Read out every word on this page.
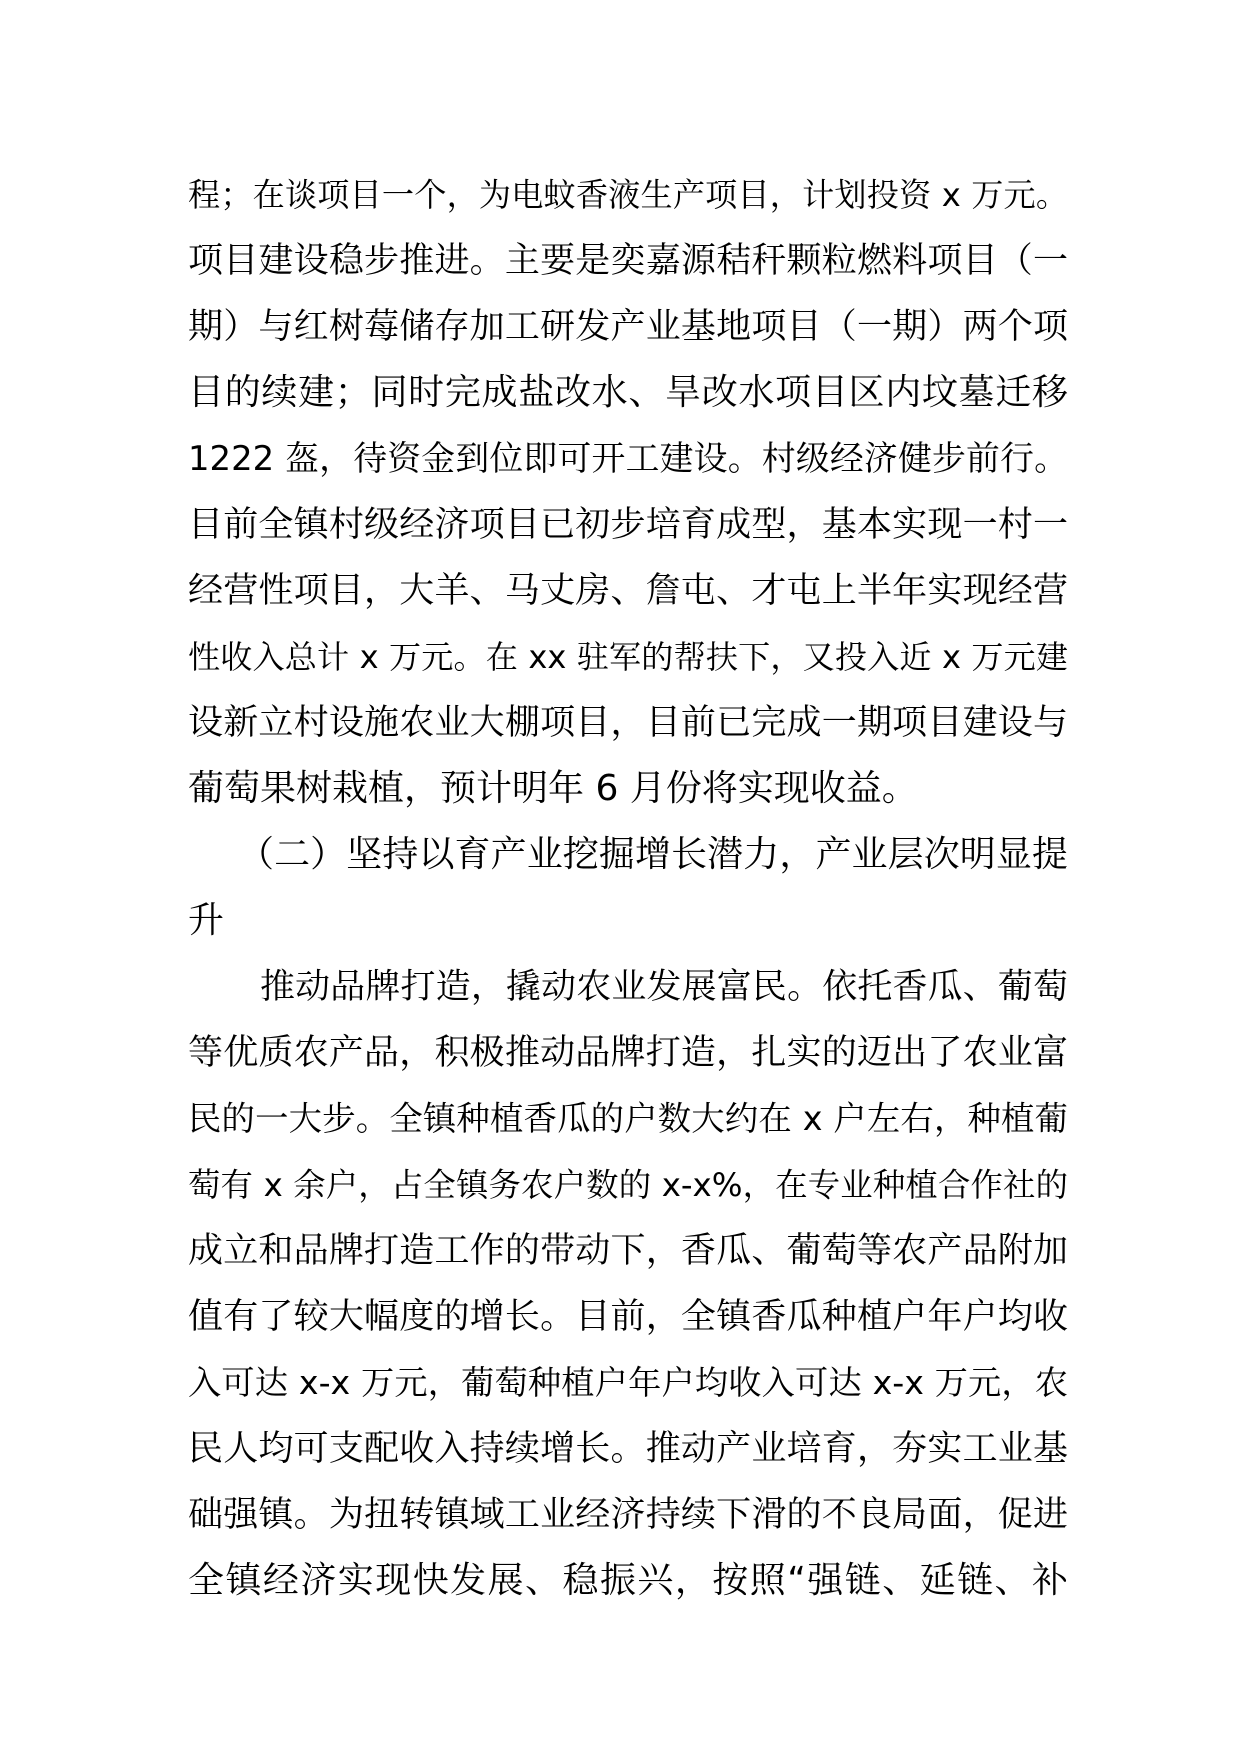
程；在谈项目一个，为电蚊香液生产项目，计划投资 x 万元。
项目建设稳步推进。主要是奕嘉源秸秆颗粒燃料项目（一
期）与红树莓储存加工研发产业基地项目（一期）两个项
目的续建；同时完成盐改水、旱改水项目区内坟墓迁移
1222 盔，待资金到位即可开工建设。村级经济健步前行。
目前全镇村级经济项目已初步培育成型，基本实现一村一
经营性项目，大羊、马丈房、詹屯、才屯上半年实现经营
性收入总计 x 万元。在 xx 驻军的帮扶下，又投入近 x 万元建
设新立村设施农业大棚项目，目前已完成一期项目建设与
葡萄果树栽植，预计明年 6 月份将实现收益。
（二）坚持以育产业挖掘增长潜力，产业层次明显提
升
推动品牌打造，撬动农业发展富民。依托香瓜、葡萄
等优质农产品，积极推动品牌打造，扎实的迈出了农业富
民的一大步。全镇种植香瓜的户数大约在 x 户左右，种植葡
萄有 x 余户，占全镇务农户数的 x-x%，在专业种植合作社的
成立和品牌打造工作的带动下，香瓜、葡萄等农产品附加
值有了较大幅度的增长。目前，全镇香瓜种植户年户均收
入可达 x-x 万元，葡萄种植户年户均收入可达 x-x 万元，农
民人均可支配收入持续增长。推动产业培育，夯实工业基
础强镇。为扭转镇域工业经济持续下滑的不良局面，促进
全镇经济实现快发展、稳振兴，按照“强链、延链、补
